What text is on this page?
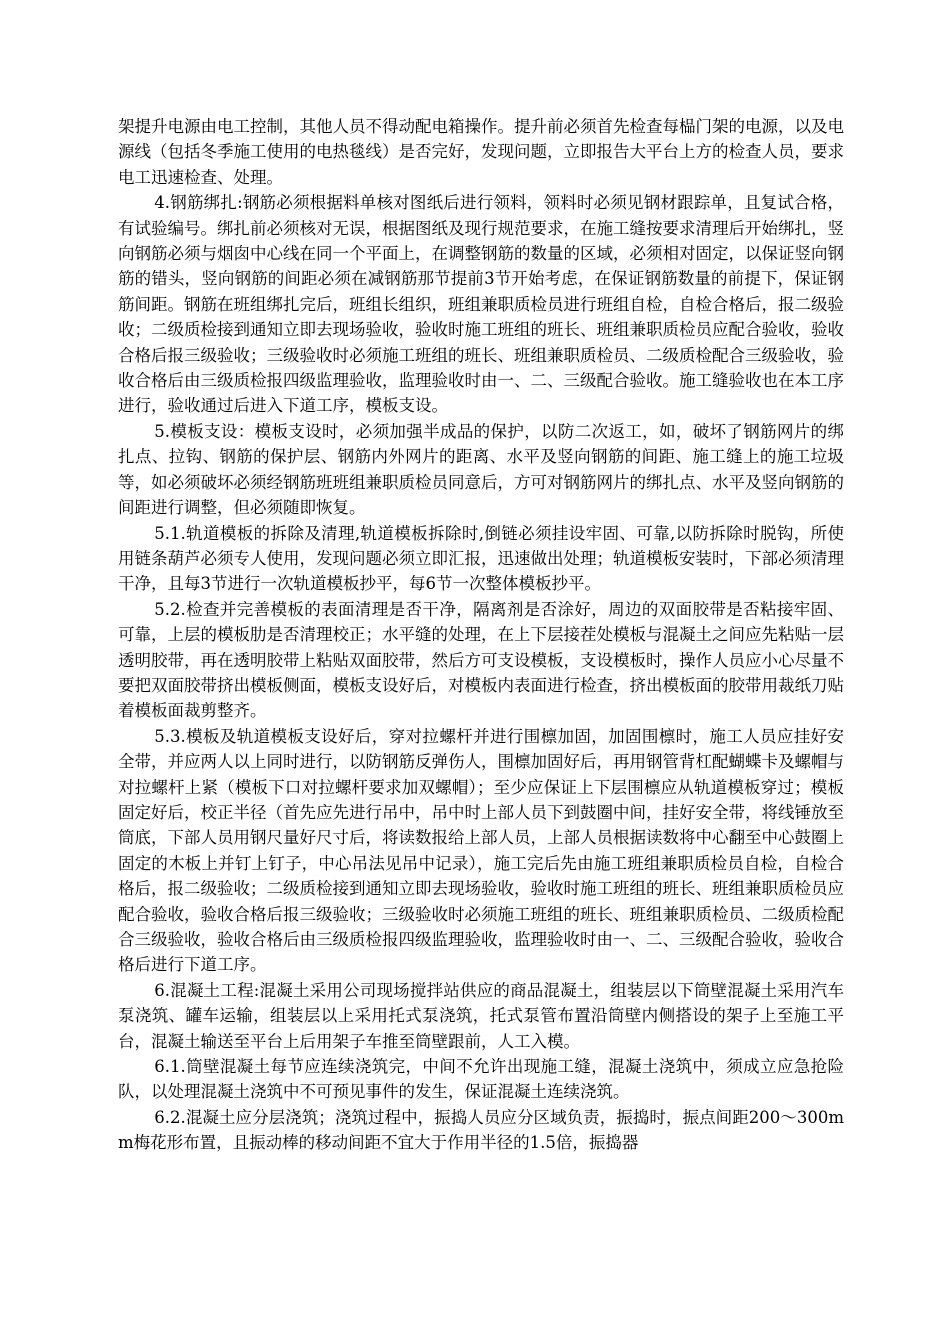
架提升电源由电工控制，其他人员不得动配电箱操作。提升前必须首先检查每榀门架的电源，以及电源线（包括冬季施工使用的电热毯线）是否完好，发现问题，立即报告大平台上方的检查人员，要求电工迅速检查、处理。

4.钢筋绑扎:钢筋必须根据料单核对图纸后进行领料，领料时必须见钢材跟踪单，且复试合格，有试验编号。绑扎前必须核对无误，根据图纸及现行规范要求，在施工缝按要求清理后开始绑扎，竖向钢筋必须与烟囱中心线在同一个平面上，在调整钢筋的数量的区域，必须相对固定，以保证竖向钢筋的错头，竖向钢筋的间距必须在减钢筋那节提前3节开始考虑，在保证钢筋数量的前提下，保证钢筋间距。钢筋在班组绑扎完后，班组长组织，班组兼职质检员进行班组自检，自检合格后，报二级验收；二级质检接到通知立即去现场验收，验收时施工班组的班长、班组兼职质检员应配合验收，验收合格后报三级验收；三级验收时必须施工班组的班长、班组兼职质检员、二级质检配合三级验收，验收合格后由三级质检报四级监理验收，监理验收时由一、二、三级配合验收。施工缝验收也在本工序进行，验收通过后进入下道工序，模板支设。

5.模板支设：模板支设时，必须加强半成品的保护，以防二次返工，如，破坏了钢筋网片的绑扎点、拉钩、钢筋的保护层、钢筋内外网片的距离、水平及竖向钢筋的间距、施工缝上的施工垃圾等，如必须破坏必须经钢筋班班组兼职质检员同意后，方可对钢筋网片的绑扎点、水平及竖向钢筋的间距进行调整，但必须随即恢复。

5.1.轨道模板的拆除及清理,轨道模板拆除时,倒链必须挂设牢固、可靠,以防拆除时脱钩，所使用链条葫芦必须专人使用，发现问题必须立即汇报，迅速做出处理；轨道模板安装时，下部必须清理干净，且每3节进行一次轨道模板抄平，每6节一次整体模板抄平。

5.2.检查并完善模板的表面清理是否干净，隔离剂是否涂好，周边的双面胶带是否粘接牢固、可靠，上层的模板肋是否清理校正；水平缝的处理，在上下层接茬处模板与混凝土之间应先粘贴一层透明胶带，再在透明胶带上粘贴双面胶带，然后方可支设模板，支设模板时，操作人员应小心尽量不要把双面胶带挤出模板侧面，模板支设好后，对模板内表面进行检查，挤出模板面的胶带用裁纸刀贴着模板面裁剪整齐。

5.3.模板及轨道模板支设好后，穿对拉螺杆并进行围檩加固，加固围檩时，施工人员应挂好安全带，并应两人以上同时进行，以防钢筋反弹伤人，围檩加固好后，再用钢管背杠配蝴蝶卡及螺帽与对拉螺杆上紧（模板下口对拉螺杆要求加双螺帽）；至少应保证上下层围檩应从轨道模板穿过；模板固定好后，校正半径（首先应先进行吊中，吊中时上部人员下到鼓圈中间，挂好安全带，将线锤放至筒底，下部人员用钢尺量好尺寸后，将读数报给上部人员，上部人员根据读数将中心翻至中心鼓圈上固定的木板上并钉上钉子，中心吊法见吊中记录），施工完后先由施工班组兼职质检员自检，自检合格后，报二级验收；二级质检接到通知立即去现场验收，验收时施工班组的班长、班组兼职质检员应配合验收，验收合格后报三级验收；三级验收时必须施工班组的班长、班组兼职质检员、二级质检配合三级验收，验收合格后由三级质检报四级监理验收，监理验收时由一、二、三级配合验收，验收合格后进行下道工序。

6.混凝土工程:混凝土采用公司现场搅拌站供应的商品混凝土，组装层以下筒壁混凝土采用汽车泵浇筑、罐车运输，组装层以上采用托式泵浇筑，托式泵管布置沿筒壁内侧搭设的架子上至施工平台，混凝土输送至平台上后用架子车推至筒壁跟前，人工入模。

6.1.筒壁混凝土每节应连续浇筑完，中间不允许出现施工缝，混凝土浇筑中，须成立应急抢险队，以处理混凝土浇筑中不可预见事件的发生，保证混凝土连续浇筑。

6.2.混凝土应分层浇筑；浇筑过程中，振捣人员应分区域负责，振捣时，振点间距200～300mm梅花形布置，且振动棒的移动间距不宜大于作用半径的1.5倍，振捣器
